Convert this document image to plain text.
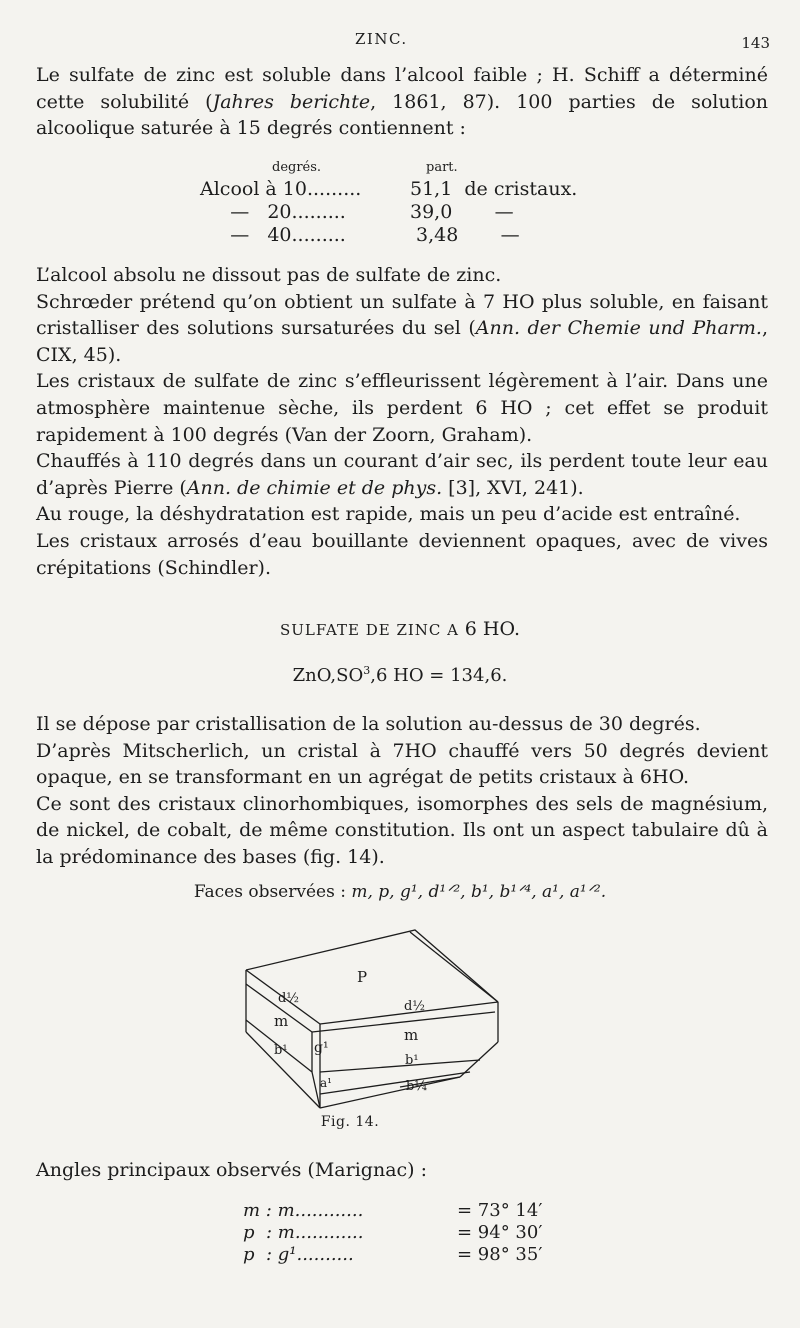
ZINC.	143

Le sulfate de zinc est soluble dans l’alcool faible ; H. Schiff a déterminé cette solubilité (Jahres berichte, 1861, 87). 100 parties de solution alcoolique saturée à 15 degrés contiennent :

degrés.	part.
Alcool à 10.........	51,1  de cristaux.
—   20.........	39,0       —
—   40.........	3,48       —

L’alcool absolu ne dissout pas de sulfate de zinc.

Schrœder prétend qu’on obtient un sulfate à 7 HO plus soluble, en faisant cristalliser des solutions sursaturées du sel (Ann. der Chemie und Pharm., CIX, 45).

Les cristaux de sulfate de zinc s’effleurissent légèrement à l’air. Dans une atmosphère maintenue sèche, ils perdent 6 HO ; cet effet se produit rapidement à 100 degrés (Van der Zoorn, Graham).

Chauffés à 110 degrés dans un courant d’air sec, ils perdent toute leur eau d’après Pierre (Ann. de chimie et de phys. [3], XVI, 241).

Au rouge, la déshydratation est rapide, mais un peu d’acide est entraîné.

Les cristaux arrosés d’eau bouillante deviennent opaques, avec de vives crépitations (Schindler).

SULFATE DE ZINC A 6 HO.
$ZnO,SO^3,6$ HO = 134,6.

Il se dépose par cristallisation de la solution au-dessus de 30 degrés.

D’après Mitscherlich, un cristal à 7HO chauffé vers 50 degrés devient opaque, en se transformant en un agrégat de petits cristaux à 6HO.

Ce sont des cristaux clinorhombiques, isomorphes des sels de magnésium, de nickel, de cobalt, de même constitution. Ils ont un aspect tabulaire dû à la prédominance des bases (fig. 14).

Faces observées : m, p, g¹, d¹ᐟ², b¹, b¹ᐟ⁴, a¹, a¹ᐟ².
P
d½
d½
m
m
b¹ g¹
b¹
a¹	b¼
Fig. 14.

Angles principaux observés (Marignac) :

m : m............	= 73° 14′
p  : m............	= 94° 30′
p  : g¹..........	= 98° 35′
